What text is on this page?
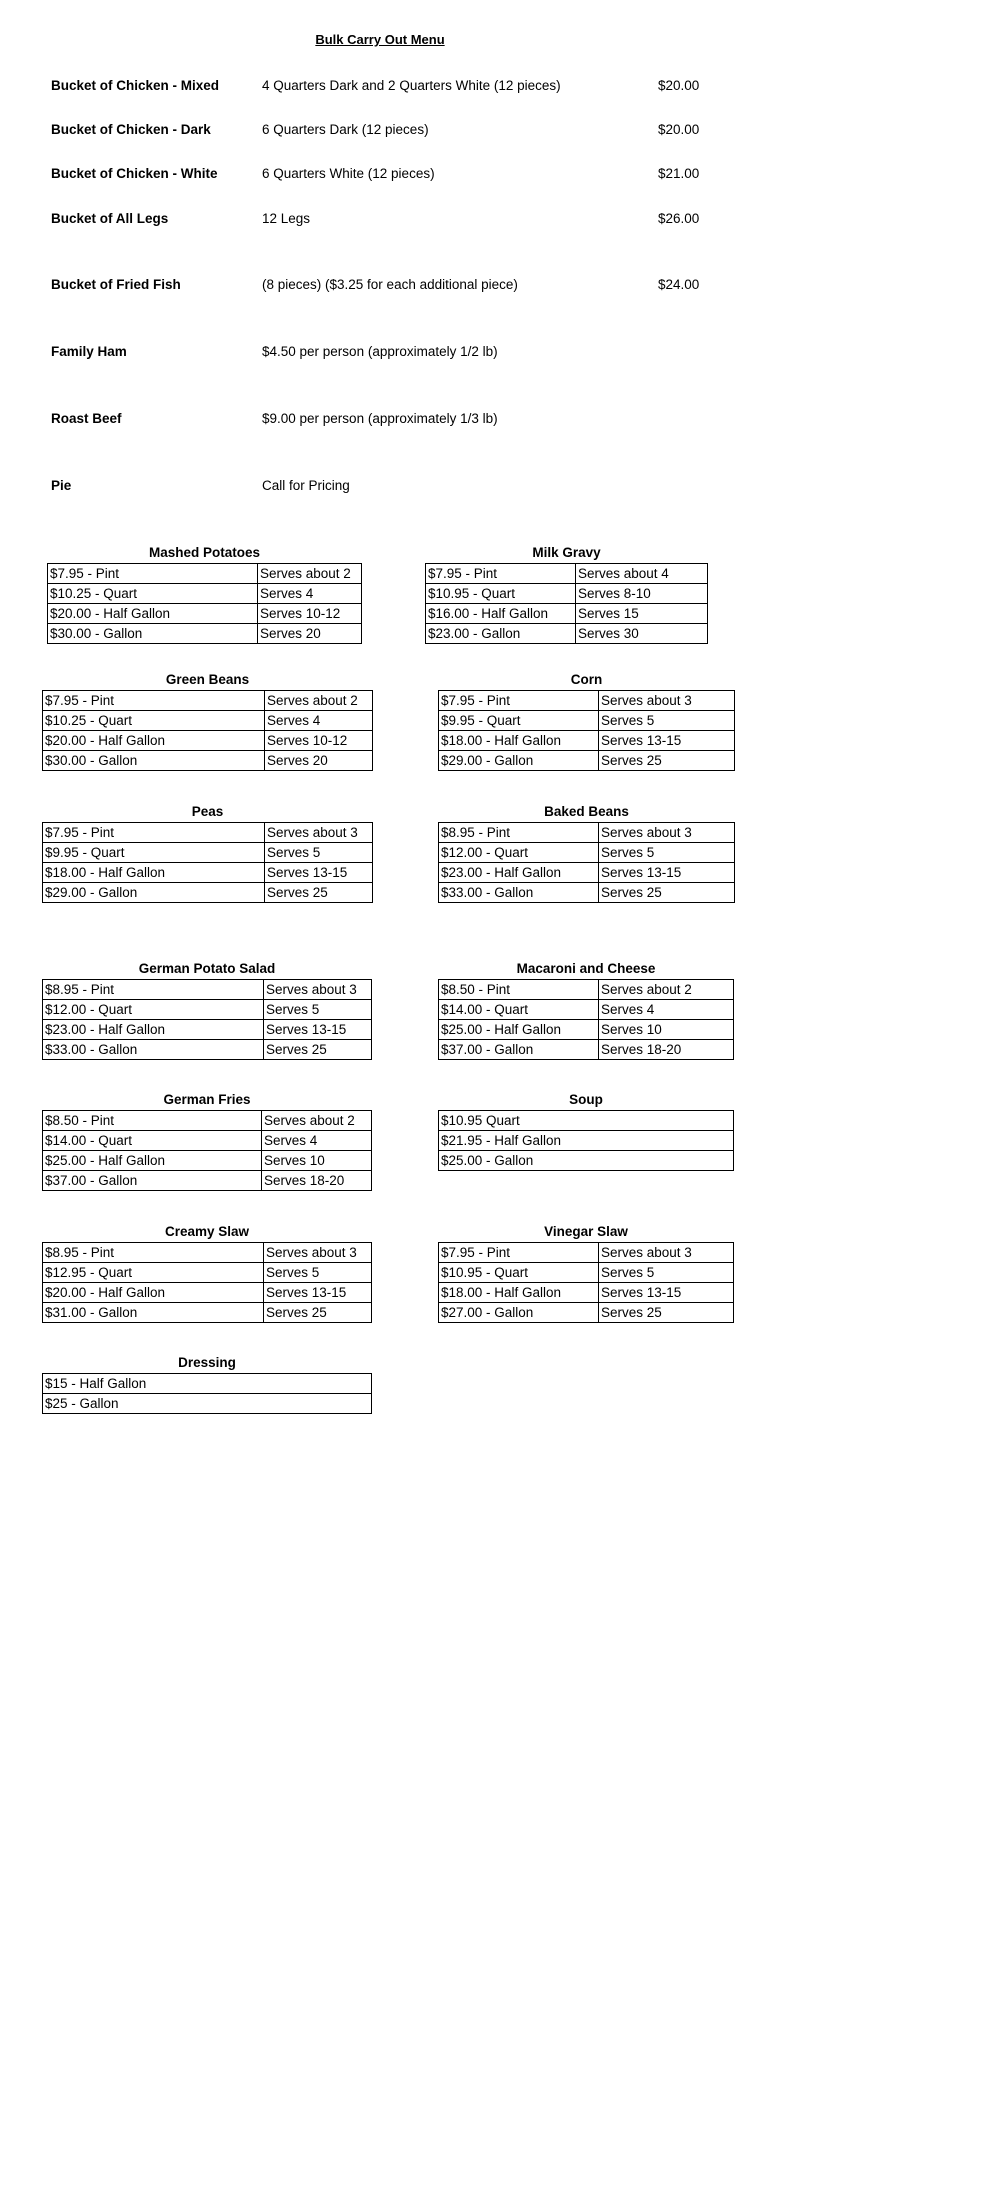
Bulk Carry Out Menu
Bucket of Chicken - Mixed	4 Quarters Dark and 2 Quarters White (12 pieces)	$20.00
Bucket of Chicken - Dark	6 Quarters Dark (12 pieces)	$20.00
Bucket of Chicken - White	6 Quarters White (12 pieces)	$21.00
Bucket of All Legs	12 Legs	$26.00
Bucket of Fried Fish	(8 pieces) ($3.25 for each additional piece)	$24.00
Family Ham	$4.50 per person (approximately 1/2 lb)
Roast Beef	$9.00 per person (approximately 1/3 lb)
Pie	Call for Pricing
Mashed Potatoes
$7.95 - Pint	Serves about 2
$10.25 - Quart	Serves 4
$20.00 - Half Gallon	Serves 10-12
$30.00 - Gallon	Serves 20
Milk Gravy
$7.95 - Pint	Serves about 4
$10.95 - Quart	Serves 8-10
$16.00 - Half Gallon	Serves 15
$23.00 - Gallon	Serves 30
Green Beans
$7.95 - Pint	Serves about 2
$10.25 - Quart	Serves 4
$20.00 - Half Gallon	Serves 10-12
$30.00 - Gallon	Serves 20
Corn
$7.95 - Pint	Serves about 3
$9.95 - Quart	Serves 5
$18.00 - Half Gallon	Serves 13-15
$29.00 - Gallon	Serves 25
Peas
$7.95 - Pint	Serves about 3
$9.95 - Quart	Serves 5
$18.00 - Half Gallon	Serves 13-15
$29.00 - Gallon	Serves 25
Baked Beans
$8.95 - Pint	Serves about 3
$12.00 - Quart	Serves 5
$23.00 - Half Gallon	Serves 13-15
$33.00 - Gallon	Serves 25
German Potato Salad
$8.95 - Pint	Serves about 3
$12.00 - Quart	Serves 5
$23.00 - Half Gallon	Serves 13-15
$33.00 - Gallon	Serves 25
Macaroni and Cheese
$8.50 - Pint	Serves about 2
$14.00 - Quart	Serves 4
$25.00 - Half Gallon	Serves 10
$37.00 - Gallon	Serves 18-20
German Fries
$8.50 - Pint	Serves about 2
$14.00 - Quart	Serves 4
$25.00 - Half Gallon	Serves 10
$37.00 - Gallon	Serves 18-20
Soup
$10.95 Quart
$21.95 - Half Gallon
$25.00 - Gallon
Creamy Slaw
$8.95 - Pint	Serves about 3
$12.95 - Quart	Serves 5
$20.00 - Half Gallon	Serves 13-15
$31.00 - Gallon	Serves 25
Vinegar Slaw
$7.95 - Pint	Serves about 3
$10.95 - Quart	Serves 5
$18.00 - Half Gallon	Serves 13-15
$27.00 - Gallon	Serves 25
Dressing
$15 - Half Gallon
$25 - Gallon
